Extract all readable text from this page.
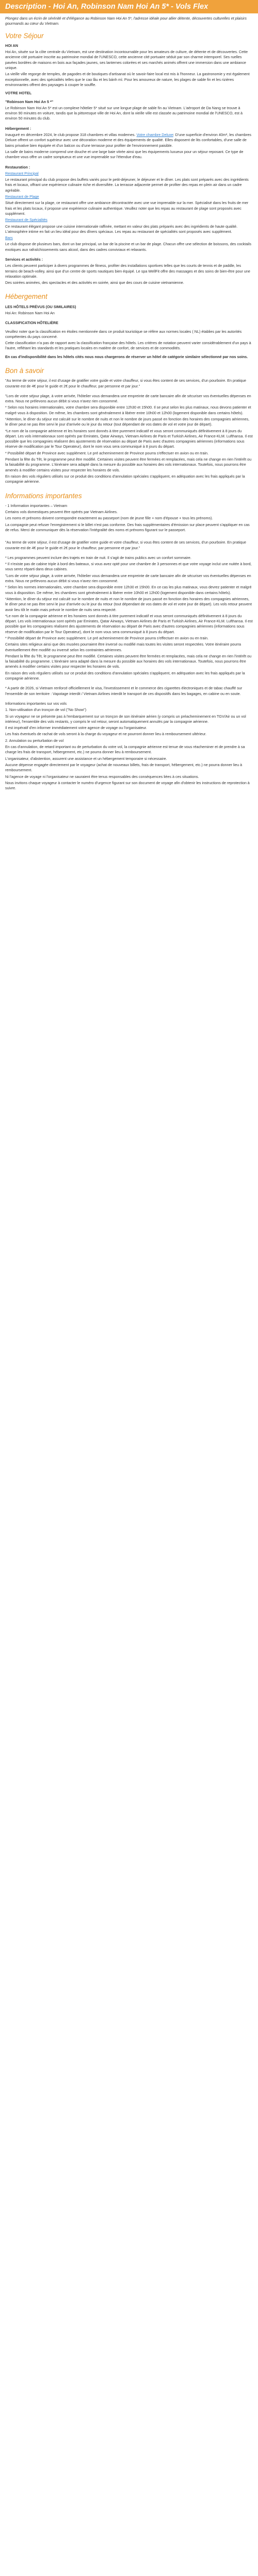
Description - Hoi An, Robinson Nam Hoi An 5* - Vols Flex

Plongez dans un écrin de sérénité et d'élégance au Robinson Nam Hoi An 5*, l'adresse idéale pour allier détente, découvertes culturelles et plaisirs gourmands au cœur du Vietnam.

Votre Séjour

HOI AN

Hoi An, située sur la côte centrale du Vietnam, est une destination incontournable pour les amateurs de culture, de détente et de découvertes. Cette ancienne cité portuaire inscrite au patrimoine mondial de l'UNESCO, cette ancienne cité portuaire séduit par son charme intemporel. Ses ruelles pavées bordées de maisons en bois aux façades jaunes, ses lanternes colorées et ses marchés animés offrent une immersion dans une ambiance unique.

La vieille ville regorge de temples, de pagodes et de boutiques d'artisanat où le savoir-faire local est mis à l'honneur. La gastronomie y est également exceptionnelle, avec des spécialités telles que le cao lầu et les bánh mì. Pour les amoureux de nature, les plages de sable fin et les rizières environnantes offrent des paysages à couper le souffle.

VOTRE HOTEL

"Robinson Nam Hoi An 5 *"

Le Robinson Nam Hoi An 5* est un complexe hôtelier 5* situé sur une longue plage de sable fin au Vietnam. L'aéroport de Da Nang se trouve à environ 90 minutes en voiture, tandis que la pittoresque ville de Hoi An, dont la vieille ville est classée au patrimoine mondial de l'UNESCO, est à environ 50 minutes du club.

Hébergement :

Inauguré en décembre 2024, le club propose 318 chambres et villas modernes. Votre chambre Deluxe: D'une superficie d'environ 40m², les chambres Deluxe offrent un confort supérieur avec une décoration moderne et des équipements de qualité. Elles disposent de lits confortables, d'une salle de bains privative bien équipée et d'un balcon ou d'une terrasse pour profiter de l'environnement paisible.

La salle de bains moderne comprend une douche et une large baie vitrée ainsi que les équipements luxueux pour un séjour reposant. Ce type de chambre vous offre un cadre somptueux et une vue imprenable sur l'étendue d'eau.

Restauration :

Restaurant Principal

Le restaurant principal du club propose des buffets variés pour le petit-déjeuner, le déjeuner et le dîner. Les plats sont préparés avec des ingrédients frais et locaux, offrant une expérience culinaire riche et diversifiée. La terrasse adjacente permet de profiter des repas en plein air dans un cadre agréable.

Restaurant de Plage

Situé directement sur la plage, ce restaurant offre une ambiance décontractée avec une vue imprenable sur la mer. Spécialisé dans les fruits de mer frais et les plats locaux, il propose une expérience culinaire authentique. Veuillez noter que les repas au restaurant de plage sont proposés avec supplément.

Restaurant de Spécialités

Ce restaurant élégant propose une cuisine internationale raffinée, mettant en valeur des plats préparés avec des ingrédients de haute qualité. L'atmosphère intime en fait un lieu idéal pour des dîners spéciaux. Les repas au restaurant de spécialités sont proposés avec supplément.

Bars

Le club dispose de plusieurs bars, dont un bar principal, un bar de la piscine et un bar de plage. Chacun offre une sélection de boissons, des cocktails exotiques aux rafraîchissements sans alcool, dans des cadres conviviaux et relaxants.

Services et activités :

Les clients peuvent participer à divers programmes de fitness, profiter des installations sportives telles que les courts de tennis et de paddle, les terrains de beach-volley, ainsi que d'un centre de sports nautiques bien équipé. Le spa WellFit offre des massages et des soins de bien-être pour une relaxation optimale.

Des soirées animées, des spectacles et des activités en soirée, ainsi que des cours de cuisine vietnamienne.

Hébergement

LES HÔTELS PRÉVUS (OU SIMILAIRES)

Hoi An: Robinson Nam Hoi An

CLASSIFICATION HÔTELIÈRE

Veuillez noter que la classification en étoiles mentionnée dans ce produit touristique se réfère aux normes locales ( NL) établies par les autorités compétentes du pays concerné.

Cette classification n'a pas de rapport avec la classification française des hôtels. Les critères de notation peuvent varier considérablement d'un pays à l'autre, reflétant les standards et les pratiques locales en matière de confort, de services et de commodités.

En cas d'indisponibilité dans les hôtels cités nous nous chargerons de réserver un hôtel de catégorie similaire sélectionné par nos soins.

Bon à savoir

"Au terme de votre séjour, il est d'usage de gratifier votre guide et votre chauffeur, si vous êtes content de ses services, d'un pourboire. En pratique courante est de 4€ pour le guide et 2€ pour le chauffeur, par personne et par jour."

"Lors de votre séjour plage, à votre arrivée, l'hôtelier vous demandera une empreinte de carte bancaire afin de sécuriser vos éventuelles dépenses en extra. Nous ne prélevons aucun débit si vous n'avez rien consommé.

* Selon nos horaires internationales, votre chambre sera disponible entre 12h30 et 15h00. Il se peut selon les plus matinaux, nous devons patienter et malgré vous à disposition. De même, les chambres sont généralement à libérer entre 10h00 et 12h00 (logement disponible dans certains hôtels).

*Attention, le dîner du séjour est calculé sur le nombre de nuits et non le nombre de jours passé en fonction des horaires des compagnies aériennes, le dîner peut ne pas être servi le jour d'arrivée ou le jour du retour (tout dépendant de vos dates de vol et votre jour de départ).

*Le nom de la compagnie aérienne et les horaires sont donnés à titre purement indicatif et vous seront communiqués définitivement à 8 jours du départ. Les vols internationaux sont opérés par Emirates, Qatar Airways, Vietnam Airlines de Paris et Turkish Airlines, Air France-KLM. Lufthansa. Il est possible que les compagnies réalisent des ajustements de réservation au départ de Paris avec d'autres compagnies aériennes (informations sous réserve de modification par le Tour Operateur), dont le nom vous sera communiqué à 8 jours du départ.

* Possibilité départ de Province avec supplément. Le pré acheminement de Province pourra s'effectuer en avion ou en train.

Pendant la fête du Têt, le programme peut être modifié. Certaines visites peuvent être fermées et remplacées, mais cela ne change en rien l'intérêt ou la faisabilité du programme. L'itinéraire sera adapté dans la mesure du possible aux horaires des vols internationaux. Toutefois, nous pourrons être amenés à modifier certains visites pour respecter les horaires de vols.

En raison des vols réguliers utilisés sur ce produit des conditions d'annulation spéciales s'appliquent, en adéquation avec les frais appliqués par la compagnie aérienne.

Informations importantes

- 1 Information importantes – Vietnam

Certains vols domestiques peuvent être opérés par Vietnam Airlines.

Les noms et prénoms doivent correspondre exactement au passeport (nom de jeune fille + nom d'épouse + tous les prénoms).

La compagnie peut refuser l'enregistrement si le billet n'est pas conforme. Des frais supplémentaires d'émission sur place peuvent s'appliquer en cas de refus. Merci de communiquer dès la réservation l'intégralité des noms et prénoms figurant sur le passeport.

"Au terme de votre séjour, il est d'usage de gratifier votre guide et votre chauffeur, si vous êtes content de ses services, d'un pourboire. En pratique courante est de 4€ pour le guide et 2€ pour le chauffeur, par personne et par jour."

* Les programmes peuvent inclure des trajets en train de nuit. Il s'agit de trains publics avec un confort sommaire.

* Il n'existe pas de cabine triple à bord des bateaux, si vous avez opté pour une chambre de 3 personnes et que votre voyage inclut une nuitée à bord, vous serez réparti dans deux cabines.

"Lors de votre séjour plage, à votre arrivée, l'hôtelier vous demandera une empreinte de carte bancaire afin de sécuriser vos éventuelles dépenses en extra. Nous ne prélevons aucun débit si vous n'avez rien consommé.

* Selon les normes internationales, votre chambre sera disponible entre 12h30 et 15h00. En ce cas les plus matinaux, vous devrez patienter et malgré vous à disposition. De même, les chambres sont généralement à libérer entre 10h00 et 12h00 (logement disponible dans certains hôtels).

*Attention, le dîner du séjour est calculé sur le nombre de nuits et non le nombre de jours passé en fonction des horaires des compagnies aériennes, le dîner peut ne pas être servi le jour d'arrivée ou le jour du retour (tout dépendant de vos dates de vol et votre jour de départ). Les vols retour peuvent avoir lieu tôt le matin mais prévoir le nombre de nuits sera respecté.

*Le nom de la compagnie aérienne et les horaires sont donnés à titre purement indicatif et vous seront communiqués définitivement à 8 jours du départ. Les vols internationaux sont opérés par Emirates, Qatar Airways, Vietnam Airlines de Paris et Turkish Airlines, Air France-KLM. Lufthansa. Il est possible que les compagnies réalisent des ajustements de réservation au départ de Paris avec d'autres compagnies aériennes (informations sous réserve de modification par le Tour Operateur), dont le nom vous sera communiqué à 8 jours du départ.

* Possibilité départ de Province avec supplément. Le pré acheminement de Province pourra s'effectuer en avion ou en train.

Certains sites religieux ainsi que des musées pourraient être inversé ou modifié mais toutes les visites seront respectées. Votre itinéraire pourra éventuellement être modifié ou inversé selon les contraintes aériennes.

Pendant la fête du Têt, le programme peut être modifié. Certaines visites peuvent être fermées et remplacées, mais cela ne change en rien l'intérêt ou la faisabilité du programme. L'itinéraire sera adapté dans la mesure du possible aux horaires des vols internationaux. Toutefois, nous pourrons être amenés à modifier certains visites pour respecter les horaires de vols.

En raison des vols réguliers utilisés sur ce produit des conditions d'annulation spéciales s'appliquent, en adéquation avec les frais appliqués par la compagnie aérienne.

* A partir de 2026, si Vietnam renforcé officiellement le visa, l'investissement et le commerce des cigarettes électroniques et de tabac chauffé sur l'ensemble de son territoire : Vapotage interdit / Vietnam Airlines interdit le transport de ces dispositifs dans les bagages, en cabine ou en soute.

Informations importantes sur vos vols

1. Non-utilisation d'un tronçon de vol ("No Show")

Si un voyageur ne se présente pas à l'embarquement sur un tronçon de son itinéraire aérien (y compris un préacheminement en TGV/Air ou un vol intérieur), l'ensemble des vols restants, y compris le vol retour, seront automatiquement annulés par la compagnie aérienne.

Il est impératif d'en informer immédiatement votre agence de voyage ou l'organisateur.

Les frais éventuels de rachat de vols seront à la charge du voyageur et ne pourront donner lieu à remboursement ultérieur.

2. Annulation ou perturbation de vol

En cas d'annulation, de retard important ou de perturbation du votre vol, la compagnie aérienne est tenue de vous réacheminer et de prendre à sa charge les frais de transport, hébergement, etc.) ne pourra donner lieu à remboursement.

L'organisateur, d'abstention, assurent une assistance et un hébergement temporaire si nécessaire.

Aucune dépense engagée directement par le voyageur (achat de nouveaux billets, frais de transport, hébergement, etc.) ne pourra donner lieu à remboursement.

Ni l'agence de voyage ni l'organisateur ne sauraient être tenus responsables des conséquences liées à ces situations.

Nous invitons chaque voyageur à contacter le numéro d'urgence figurant sur son document de voyage afin d'obtenir les instructions de reprotection à suivre.
